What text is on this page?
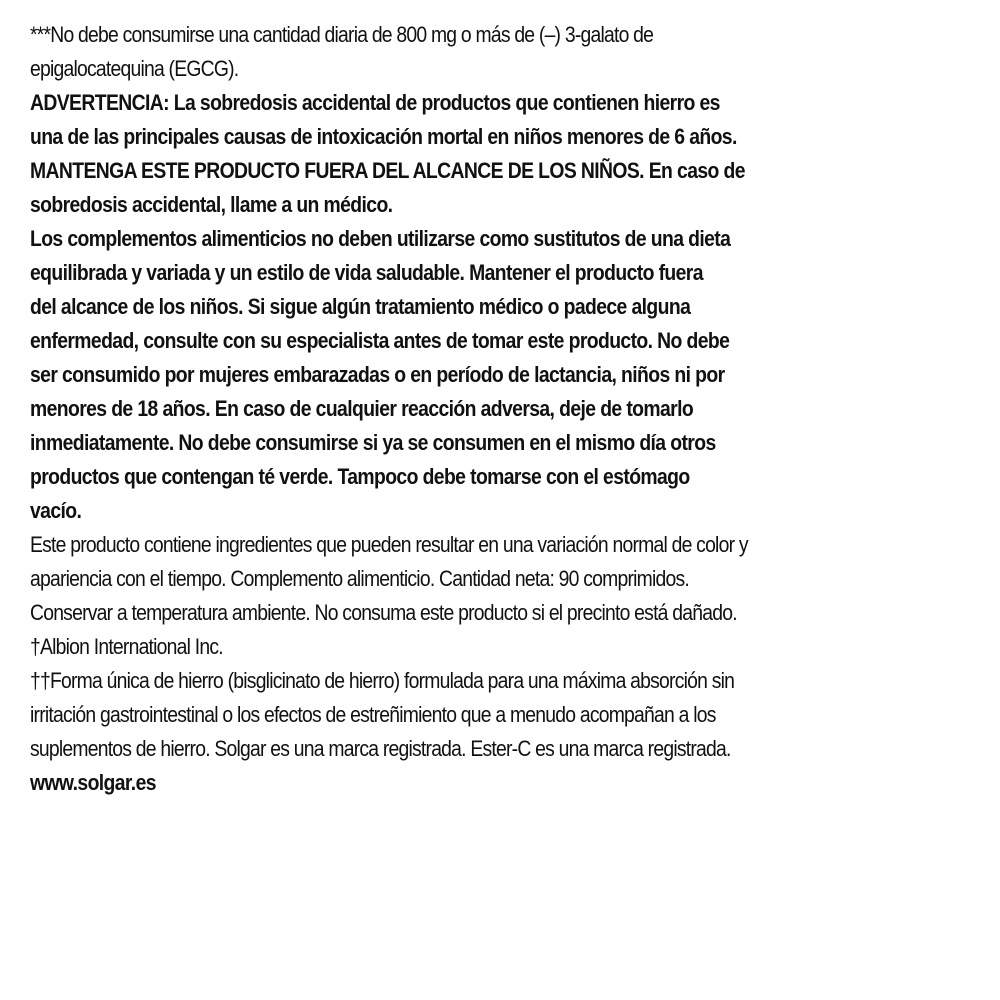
***No debe consumirse una cantidad diaria de 800 mg o más de (–) 3-galato de
epigalocatequina (EGCG).
ADVERTENCIA: La sobredosis accidental de productos que contienen hierro es
una de las principales causas de intoxicación mortal en niños menores de 6 años.
MANTENGA ESTE PRODUCTO FUERA DEL ALCANCE DE LOS NIÑOS. En caso de
sobredosis accidental, llame a un médico.
Los complementos alimenticios no deben utilizarse como sustitutos de una dieta
equilibrada y variada y un estilo de vida saludable. Mantener el producto fuera
del alcance de los niños. Si sigue algún tratamiento médico o padece alguna
enfermedad, consulte con su especialista antes de tomar este producto. No debe
ser consumido por mujeres embarazadas o en período de lactancia, niños ni por
menores de 18 años. En caso de cualquier reacción adversa, deje de tomarlo
inmediatamente. No debe consumirse si ya se consumen en el mismo día otros
productos que contengan té verde. Tampoco debe tomarse con el estómago
vacío.
Este producto contiene ingredientes que pueden resultar en una variación normal de color y
apariencia con el tiempo. Complemento alimenticio. Cantidad neta: 90 comprimidos.
Conservar a temperatura ambiente. No consuma este producto si el precinto está dañado.
†Albion International Inc.
††Forma única de hierro (bisglicinato de hierro) formulada para una máxima absorción sin
irritación gastrointestinal o los efectos de estreñimiento que a menudo acompañan a los
suplementos de hierro. Solgar es una marca registrada. Ester-C es una marca registrada.
www.solgar.es
